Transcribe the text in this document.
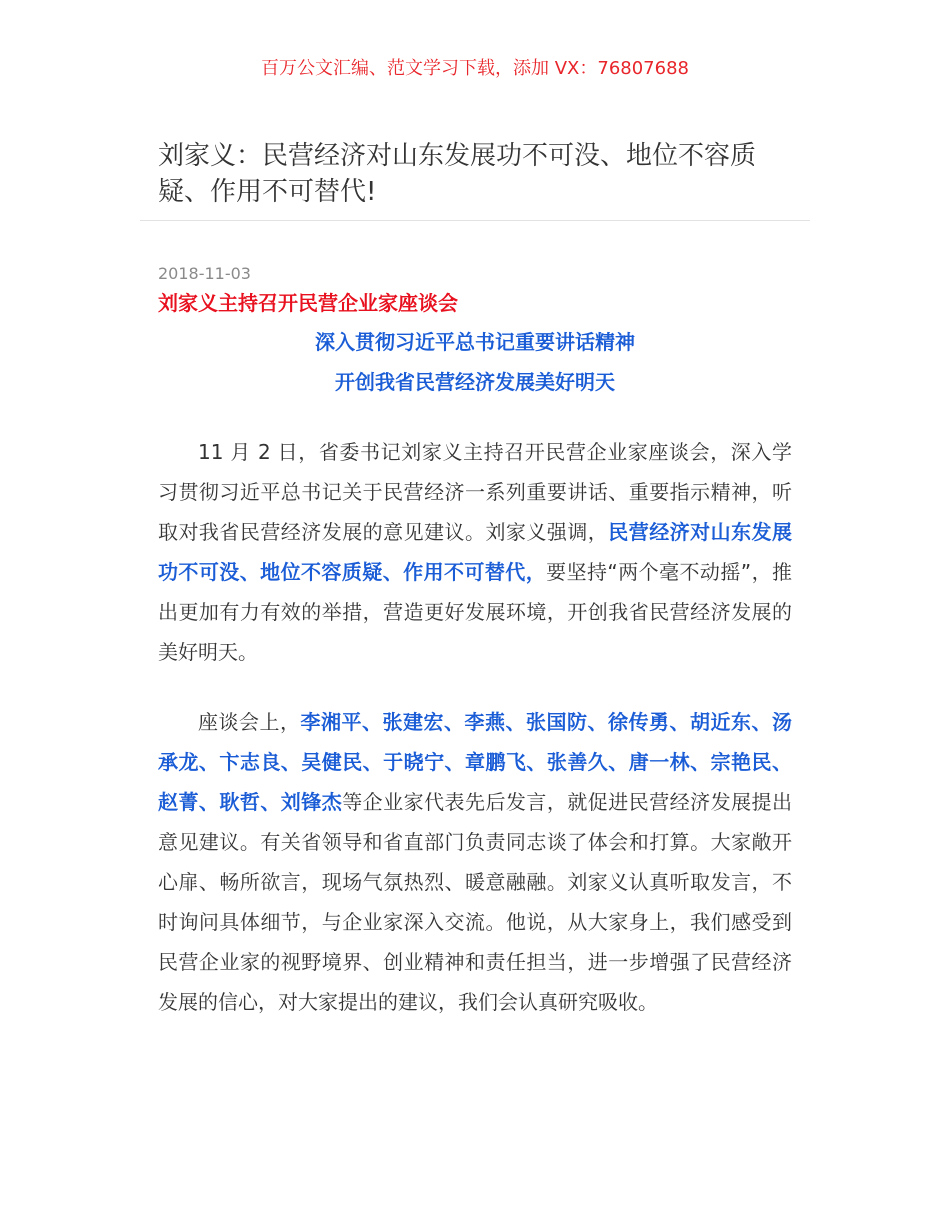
百万公文汇编、范文学习下载，添加 VX：76807688
刘家义：民营经济对山东发展功不可没、地位不容质疑、作用不可替代!
2018-11-03
刘家义主持召开民营企业家座谈会
深入贯彻习近平总书记重要讲话精神
开创我省民营经济发展美好明天

11 月 2 日，省委书记刘家义主持召开民营企业家座谈会，深入学习贯彻习近平总书记关于民营经济一系列重要讲话、重要指示精神，听取对我省民营经济发展的意见建议。刘家义强调，民营经济对山东发展功不可没、地位不容质疑、作用不可替代，要坚持“两个毫不动摇”，推出更加有力有效的举措，营造更好发展环境，开创我省民营经济发展的美好明天。

座谈会上，李湘平、张建宏、李燕、张国防、徐传勇、胡近东、汤承龙、卞志良、吴健民、于晓宁、章鹏飞、张善久、唐一林、宗艳民、赵菁、耿哲、刘锋杰等企业家代表先后发言，就促进民营经济发展提出意见建议。有关省领导和省直部门负责同志谈了体会和打算。大家敞开心扉、畅所欲言，现场气氛热烈、暖意融融。刘家义认真听取发言，不时询问具体细节，与企业家深入交流。他说，从大家身上，我们感受到民营企业家的视野境界、创业精神和责任担当，进一步增强了民营经济发展的信心，对大家提出的建议，我们会认真研究吸收。
